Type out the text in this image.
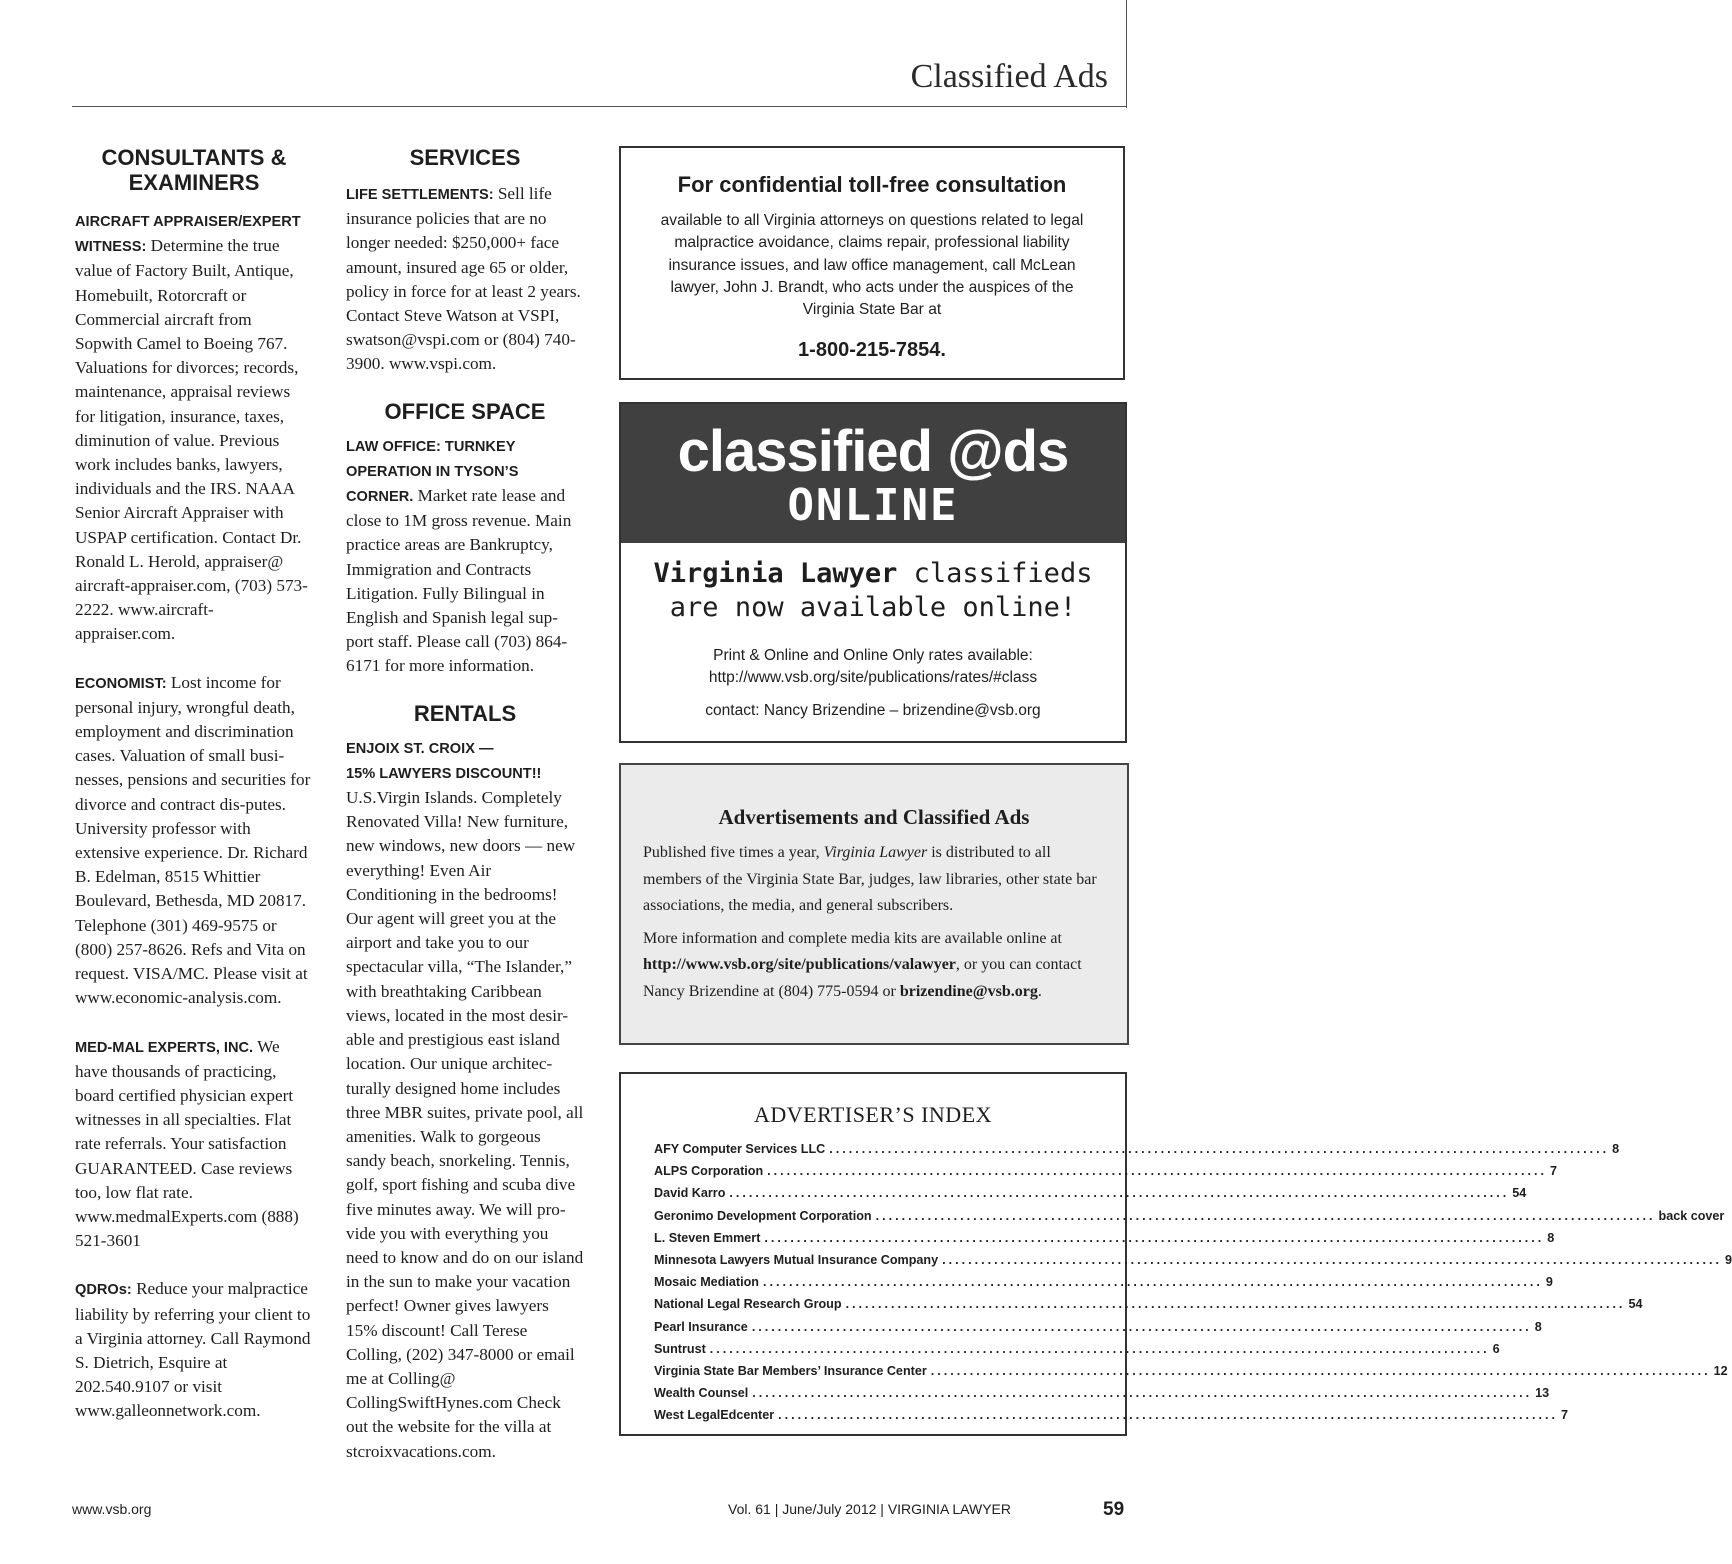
Classified Ads
CONSULTANTS &
EXAMINERS

AIRCRAFT APPRAISER/EXPERT WITNESS: Determine the true value of Factory Built, Antique, Homebuilt, Rotorcraft or Commercial aircraft from Sopwith Camel to Boeing 767. Valuations for divorces; records, maintenance, appraisal reviews for litigation, insurance, taxes, diminution of value. Previous work includes banks, lawyers, individuals and the IRS. NAAA Senior Aircraft Appraiser with USPAP certification. Contact Dr. Ronald L. Herold, appraiser@ aircraft-appraiser.com, (703) 573-2222. www.aircraft-appraiser.com.

ECONOMIST: Lost income for personal injury, wrongful death, employment and discrimination cases. Valuation of small busi-nesses, pensions and securities for divorce and contract dis-putes. University professor with extensive experience. Dr. Richard B. Edelman, 8515 Whittier Boulevard, Bethesda, MD 20817. Telephone (301) 469-9575 or (800) 257-8626. Refs and Vita on request. VISA/MC. Please visit at www.economic-analysis.com.

MED-MAL EXPERTS, INC. We have thousands of practicing, board certified physician expert witnesses in all specialties. Flat rate referrals. Your satisfaction GUARANTEED. Case reviews too, low flat rate. www.medmalExperts.com (888) 521-3601

QDROs: Reduce your malpractice liability by referring your client to a Virginia attorney. Call Raymond S. Dietrich, Esquire at 202.540.9107 or visit www.galleonnetwork.com.

SERVICES

LIFE SETTLEMENTS: Sell life insurance policies that are no longer needed: $250,000+ face amount, insured age 65 or older, policy in force for at least 2 years. Contact Steve Watson at VSPI, swatson@vspi.com or (804) 740-3900. www.vspi.com.

OFFICE SPACE

LAW OFFICE: TURNKEY OPERATION IN TYSON’S CORNER. Market rate lease and close to 1M gross revenue. Main practice areas are Bankruptcy, Immigration and Contracts Litigation. Fully Bilingual in English and Spanish legal sup-port staff. Please call (703) 864-6171 for more information.

RENTALS

ENJOIX ST. CROIX —
15% LAWYERS DISCOUNT!!
U.S.Virgin Islands. Completely Renovated Villa! New furniture, new windows, new doors — new everything! Even Air Conditioning in the bedrooms! Our agent will greet you at the airport and take you to our spectacular villa, “The Islander,” with breathtaking Caribbean views, located in the most desir-able and prestigious east island location. Our unique architec-turally designed home includes three MBR suites, private pool, all amenities. Walk to gorgeous sandy beach, snorkeling. Tennis, golf, sport fishing and scuba dive five minutes away. We will pro-vide you with everything you need to know and do on our island in the sun to make your vacation perfect! Owner gives lawyers 15% discount! Call Terese Colling, (202) 347-8000 or email me at Colling@ CollingSwiftHynes.com Check out the website for the villa at stcroixvacations.com.

For confidential toll-free consultation
available to all Virginia attorneys on questions related to legal malpractice avoidance, claims repair, professional liability insurance issues, and law office management, call McLean lawyer, John J. Brandt, who acts under the auspices of the Virginia State Bar at
1-800-215-7854.
classified @ds
ONLINE
Virginia Lawyer classifieds
are now available online!
Print & Online and Online Only rates available:
http://www.vsb.org/site/publications/rates/#class
contact: Nancy Brizendine – brizendine@vsb.org
Advertisements and Classified Ads
Published five times a year, Virginia Lawyer is distributed to all members of the Virginia State Bar, judges, law libraries, other state bar associations, the media, and general subscribers.
More information and complete media kits are available online at http://www.vsb.org/site/publications/valawyer, or you can contact Nancy Brizendine at (804) 775-0594 or brizendine@vsb.org.
ADVERTISER’S INDEX
AFY Computer Services LLC ........................................................................................................................ 8
ALPS Corporation ........................................................................................................................ 7
David Karro ........................................................................................................................ 54
Geronimo Development Corporation ........................................................................................................................ back cover
L. Steven Emmert ........................................................................................................................ 8
Minnesota Lawyers Mutual Insurance Company ........................................................................................................................ 9
Mosaic Mediation ........................................................................................................................ 9
National Legal Research Group ........................................................................................................................ 54
Pearl Insurance ........................................................................................................................ 8
Suntrust ........................................................................................................................ 6
Virginia State Bar Members’ Insurance Center ........................................................................................................................ 12
Wealth Counsel ........................................................................................................................ 13
West LegalEdcenter ........................................................................................................................ 7
www.vsb.org	Vol. 61 | June/July 2012 | VIRGINIA LAWYER	59
